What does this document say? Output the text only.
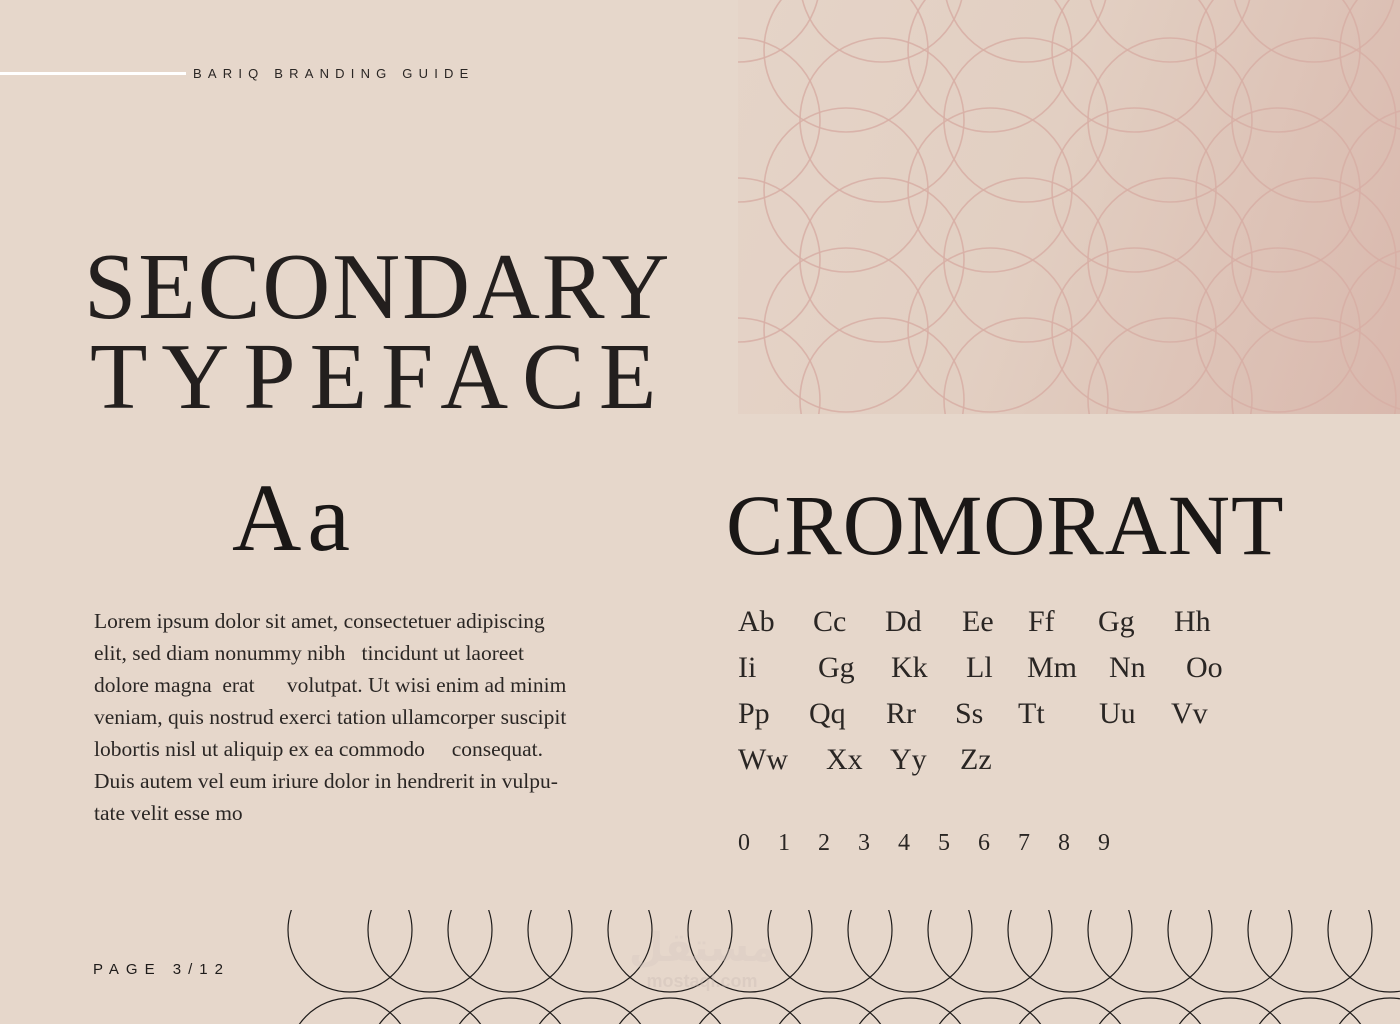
BARIQ BRANDING GUIDE
SECONDARY
TYPEFACE
Aa	CROMORANT
Lorem ipsum dolor sit amet, consectetuer adipiscing
elit, sed diam nonummy nibh   tincidunt ut laoreet
dolore magna  erat      volutpat. Ut wisi enim ad minim
veniam, quis nostrud exerci tation ullamcorper suscipit
lobortis nisl ut aliquip ex ea commodo     consequat.
Duis autem vel eum iriure dolor in hendrerit in vulpu-
tate velit esse mo
Ab Cc Dd Ee Ff Gg Hh
Ii Gg Kk Ll Mm Nn Oo
Pp Qq Rr Ss Tt Uu Vv
Ww Xx Yy Zz
0 1 2 3 4 5 6 7 8 9
مستقل
mostaql.com
PAGE 3/12
